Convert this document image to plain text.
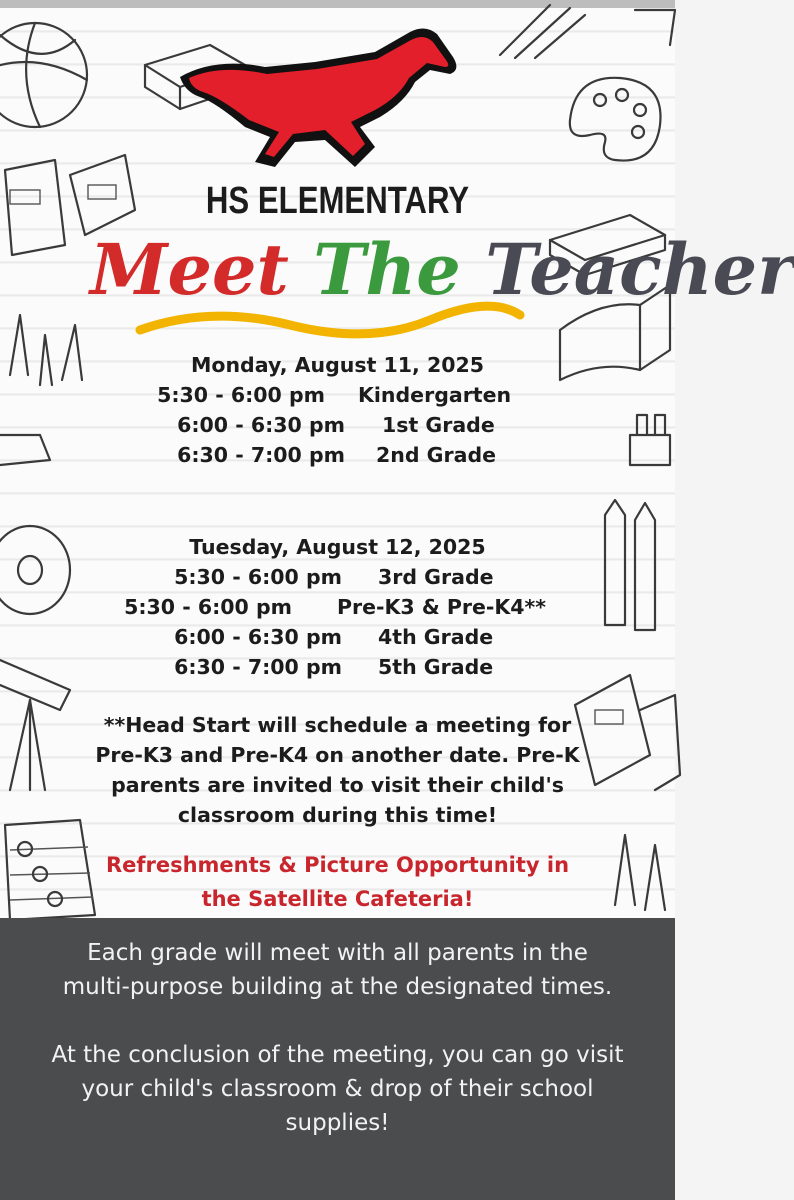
HS ELEMENTARY
Meet The Teacher
Monday, August 11, 2025
5:30 - 6:00 pm Kindergarten
6:00 - 6:30 pm 1st Grade
6:30 - 7:00 pm 2nd Grade
Tuesday, August 12, 2025
5:30 - 6:00 pm 3rd Grade
5:30 - 6:00 pm Pre-K3 & Pre-K4**
6:00 - 6:30 pm 4th Grade
6:30 - 7:00 pm 5th Grade
**Head Start will schedule a meeting for
Pre-K3 and Pre-K4 on another date. Pre-K
parents are invited to visit their child's
classroom during this time!
Refreshments & Picture Opportunity in
the Satellite Cafeteria!

Each grade will meet with all parents in the

multi-purpose building at the designated times.

At the conclusion of the meeting, you can go visit

your child's classroom & drop of their school

supplies!
